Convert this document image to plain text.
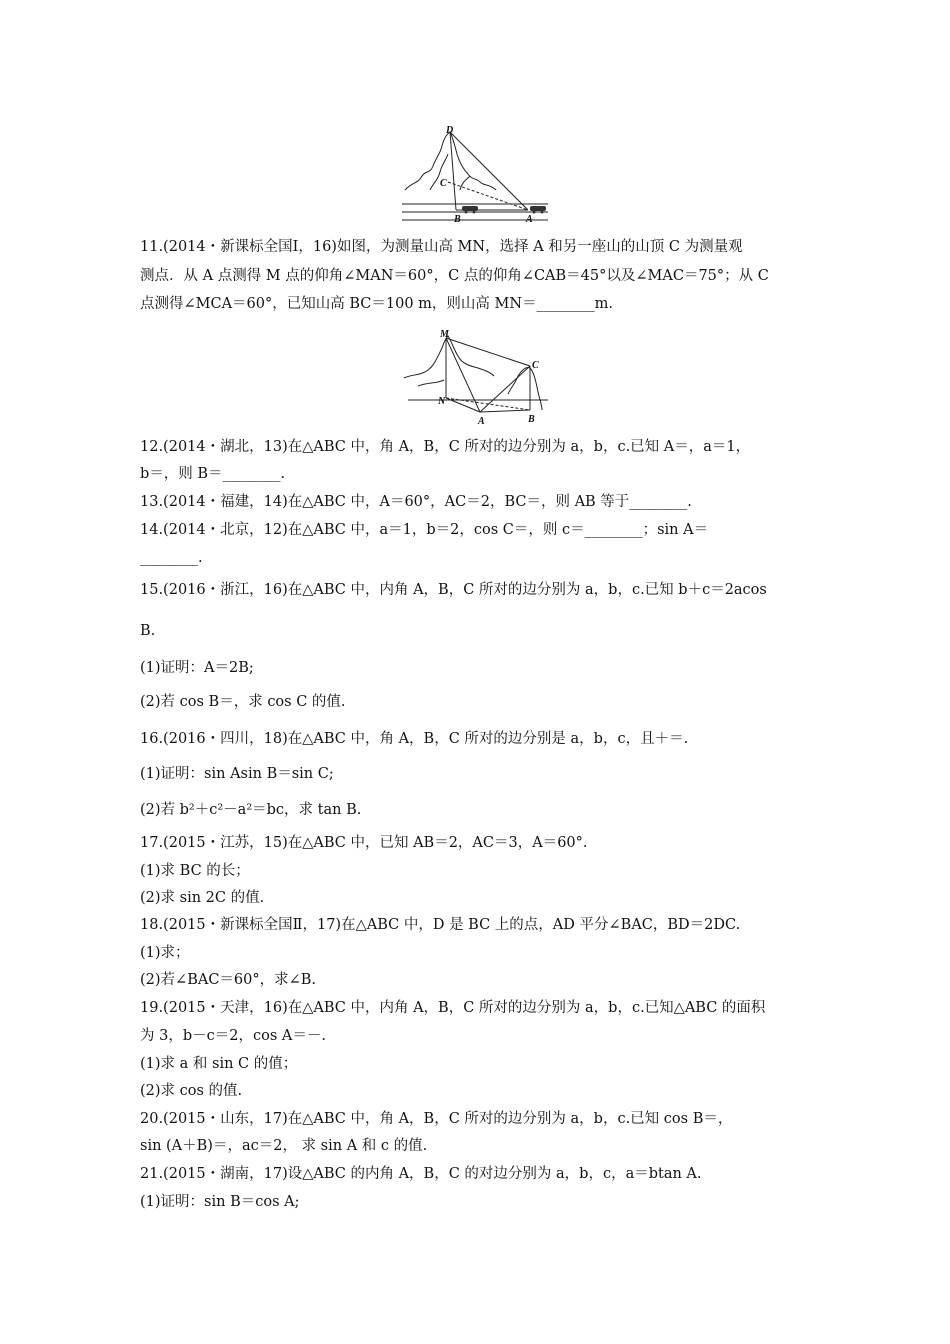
D
C
B	A
11.(2014・新课标全国Ⅰ，16)如图，为测量山高 MN，选择 A 和另一座山的山顶 C 为测量观
测点．从 A 点测得 M 点的仰角∠MAN＝60°，C 点的仰角∠CAB＝45°以及∠MAC＝75°；从 C
点测得∠MCA＝60°，已知山高 BC＝100 m，则山高 MN＝________m.
M
N
A
C
B
12.(2014・湖北，13)在△ABC 中，角 A，B，C 所对的边分别为 a，b，c.已知 A＝，a＝1，
b＝，则 B＝________.
13.(2014・福建，14)在△ABC 中，A＝60°，AC＝2，BC＝，则 AB 等于________.
14.(2014・北京，12)在△ABC 中，a＝1，b＝2，cos C＝，则 c＝________；sin A＝
________.
15.(2016・浙江，16)在△ABC 中，内角 A，B，C 所对的边分别为 a，b，c.已知 b＋c＝2acos
B.
(1)证明：A＝2B;
(2)若 cos B＝，求 cos C 的值.
16.(2016・四川，18)在△ABC 中，角 A，B，C 所对的边分别是 a，b，c，且＋＝.
(1)证明：sin Asin B＝sin C;
(2)若 b²＋c²－a²＝bc，求 tan B.
17.(2015・江苏，15)在△ABC 中，已知 AB＝2，AC＝3，A＝60°.
(1)求 BC 的长；
(2)求 sin 2C 的值.
18.(2015・新课标全国Ⅱ，17)在△ABC 中，D 是 BC 上的点，AD 平分∠BAC，BD＝2DC.
(1)求；
(2)若∠BAC＝60°，求∠B.
19.(2015・天津，16)在△ABC 中，内角 A，B，C 所对的边分别为 a，b，c.已知△ABC 的面积
为 3，b－c＝2，cos A＝－.
(1)求 a 和 sin C 的值；
(2)求 cos 的值.
20.(2015・山东，17)在△ABC 中，角 A，B，C 所对的边分别为 a，b，c.已知 cos B＝，
sin (A＋B)＝，ac＝2， 求 sin A 和 c 的值.
21.(2015・湖南，17)设△ABC 的内角 A，B，C 的对边分别为 a，b，c，a＝btan A.
(1)证明：sin B＝cos A;
